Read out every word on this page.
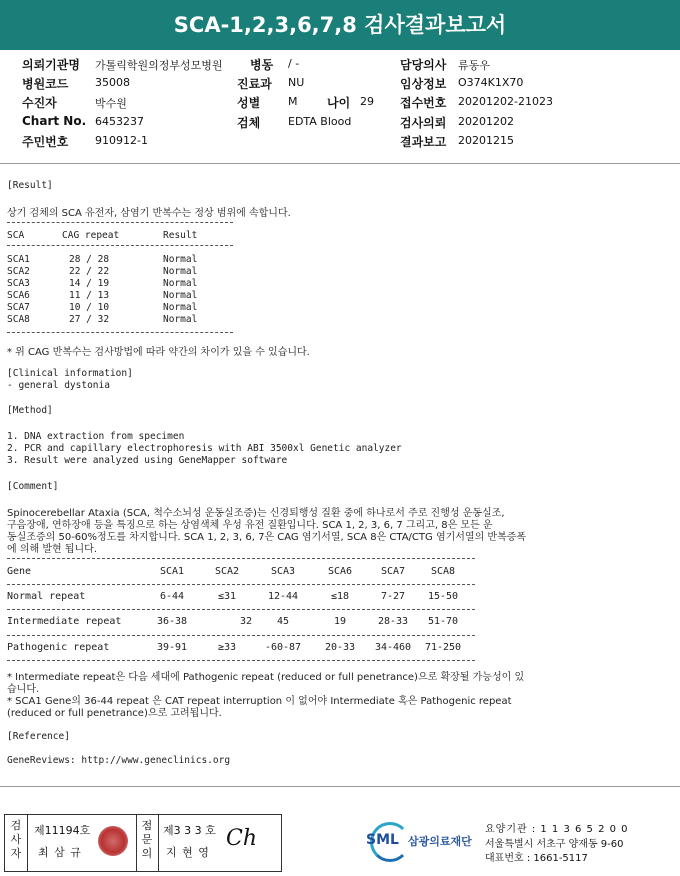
SCA-1,2,3,6,7,8 검사결과보고서
의뢰기관명 가톨릭학원의정부성모병원 병동 / -	담당의사 류동우
병원코드 35008	진료과 NU	임상정보 O374K1X70
수진자	박수원	성별	M 나이 29 접수번호 20201202-21023
Chart No. 6453237	검체	EDTA Blood	검사의뢰 20201202
주민번호 910912-1	결과보고 20201215
[Result]
상기 검체의 SCA 유전자, 삼염기 반복수는 정상 범위에 속합니다.
SCA	CAG repeat	Result
SCA1	28 / 28	Normal
SCA2	22 / 22	Normal
SCA3	14 / 19	Normal
SCA6	11 / 13	Normal
SCA7	10 / 10	Normal
SCA8	27 / 32	Normal
* 위 CAG 반복수는 검사방법에 따라 약간의 차이가 있을 수 있습니다.
[Clinical information]
- general dystonia
[Method]
1. DNA extraction from specimen
2. PCR and capillary electrophoresis with ABI 3500xl Genetic analyzer
3. Result were analyzed using GeneMapper software
[Comment]
Spinocerebellar Ataxia (SCA, 척수소뇌성 운동실조증)는 신경퇴행성 질환 중에 하나로서 주로 진행성 운동실조,
구음장애, 연하장애 등을 특징으로 하는 상염색체 우성 유전 질환입니다. SCA 1, 2, 3, 6, 7 그리고, 8은 모든 운
동실조증의 50-60%정도를 차지합니다. SCA 1, 2, 3, 6, 7은 CAG 염기서열, SCA 8은 CTA/CTG 염기서열의 반복증폭
에 의해 발현 됩니다.
Gene	SCA1	SCA2	SCA3	SCA6	SCA7	SCA8
Normal repeat	6-44	≤31	12-44	≤18	7-27	15-50
Intermediate repeat	36-38	32	45	19	28-33	51-70
Pathogenic repeat	39-91	≥33	-60-87	20-33	34-460	71-250
* Intermediate repeat은 다음 세대에 Pathogenic repeat (reduced or full penetrance)으로 확장될 가능성이 있
습니다.
* SCA1 Gene의 36-44 repeat 은 CAT repeat interruption 이 없어야 Intermediate 혹은 Pathogenic repeat
(reduced or full penetrance)으로 고려됩니다.
[Reference]
GeneReviews: http://www.geneclinics.org
검
사
자
제11194호
최 삼 규
점
문
의
제3 3 3 호
지 현 영
Ch	SML 삼광의료재단
요양기관 : 1 1 3 6 5 2 0 0
서울특별시 서초구 양재동 9-60
대표번호 : 1661-5117
